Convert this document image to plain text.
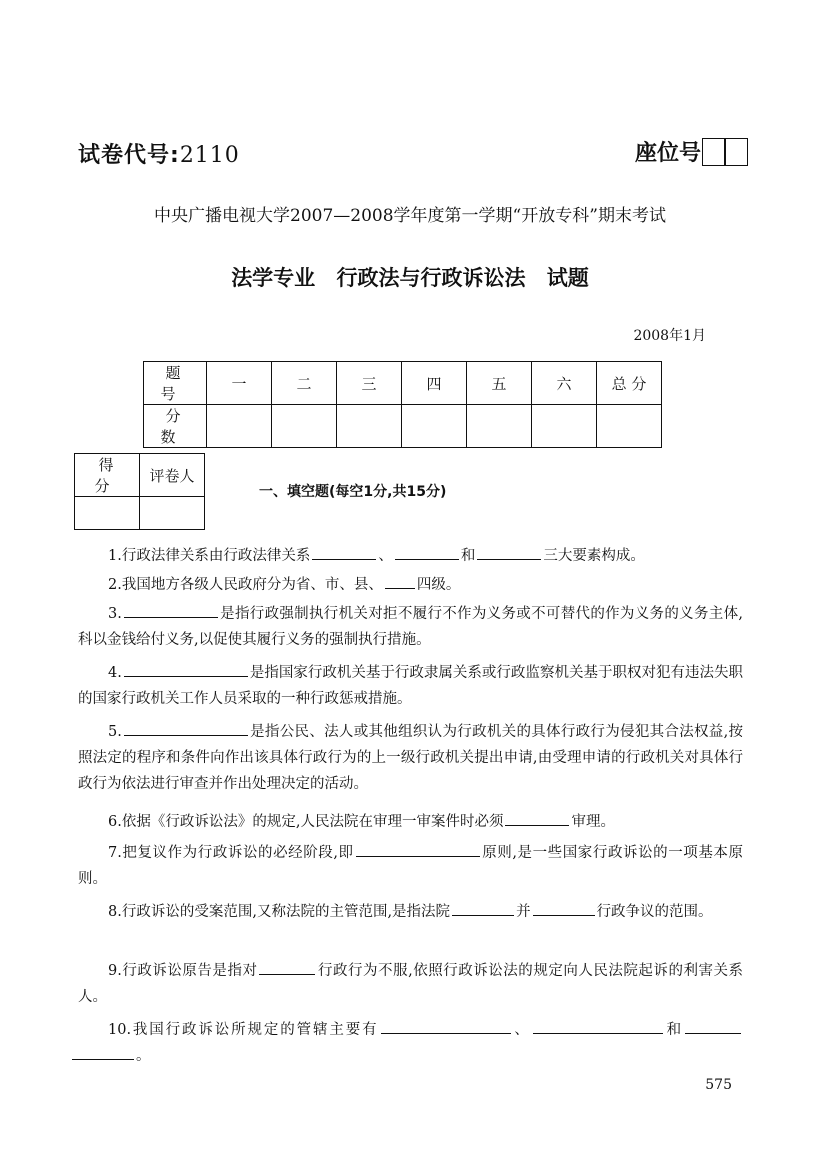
试卷代号:2110	座位号
中央广播电视大学2007—2008学年度第一学期“开放专科”期末考试
法学专业 行政法与行政诉讼法 试题
2008年1月
题 号	一	二	三	四	五	六	总 分
分 数							
得 分	评卷人

一、填空题(每空1分,共15分)

1.行政法律关系由行政法律关系	、	和	三大要素构成。

2.我国地方各级人民政府分为省、市、县、 四级。

3.	是指行政强制执行机关对拒不履行不作为义务或不可替代的作为义务的义务主体,科以金钱给付义务,以促使其履行义务的强制执行措施。

4.	是指国家行政机关基于行政隶属关系或行政监察机关基于职权对犯有违法失职的国家行政机关工作人员采取的一种行政惩戒措施。

5.	是指公民、法人或其他组织认为行政机关的具体行政行为侵犯其合法权益,按照法定的程序和条件向作出该具体行政行为的上一级行政机关提出申请,由受理申请的行政机关对具体行政行为依法进行审查并作出处理决定的活动。

6.依据《行政诉讼法》的规定,人民法院在审理一审案件时必须	审理。

7.把复议作为行政诉讼的必经阶段,即	原则,是一些国家行政诉讼的一项基本原则。

8.行政诉讼的受案范围,又称法院的主管范围,是指法院	并	行政争议的范围。

9.行政诉讼原告是指对	行政行为不服,依照行政诉讼法的规定向人民法院起诉的利害关系人。

10.我国行政诉讼所规定的管辖主要有	、	和。

575
